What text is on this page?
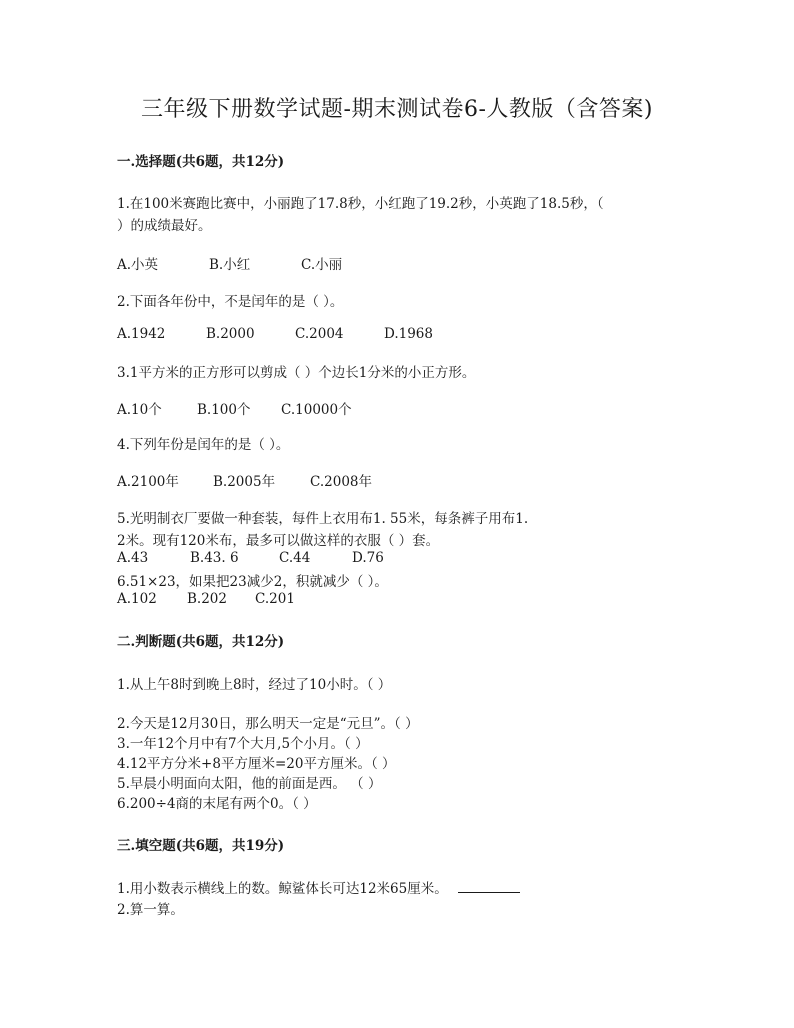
三年级下册数学试题-期末测试卷6-人教版（含答案)
一.选择题(共6题，共12分)
1.在100米赛跑比赛中，小丽跑了17.8秒，小红跑了19.2秒，小英跑了18.5秒，（
）的成绩最好。
A.小英	B.小红	C.小丽
2.下面各年份中，不是闰年的是（ ）。
A.1942	B.2000	C.2004	D.1968
3.1平方米的正方形可以剪成（ ）个边长1分米的小正方形。
A.10个	B.100个 C.10000个
4.下列年份是闰年的是（ ）。
A.2100年	B.2005年	C.2008年
5.光明制衣厂要做一种套装，每件上衣用布1. 55米，每条裤子用布1.
2米。现有120米布，最多可以做这样的衣服（ ）套。
A.43	B.43. 6	C.44	D.76
6.51×23，如果把23减少2，积就减少（ ）。
A.102 B.202 C.201
二.判断题(共6题，共12分)
1.从上午8时到晚上8时，经过了10小时。（ ）
2.今天是12月30日，那么明天一定是“元旦”。（ ）
3.一年12个月中有7个大月,5个小月。（ ）
4.12平方分米+8平方厘米=20平方厘米。（ ）
5.早晨小明面向太阳，他的前面是西。 （ ）
6.200÷4商的末尾有两个0。（ ）
三.填空题(共6题，共19分)
1.用小数表示横线上的数。鲸鲨体长可达12米65厘米。
2.算一算。
